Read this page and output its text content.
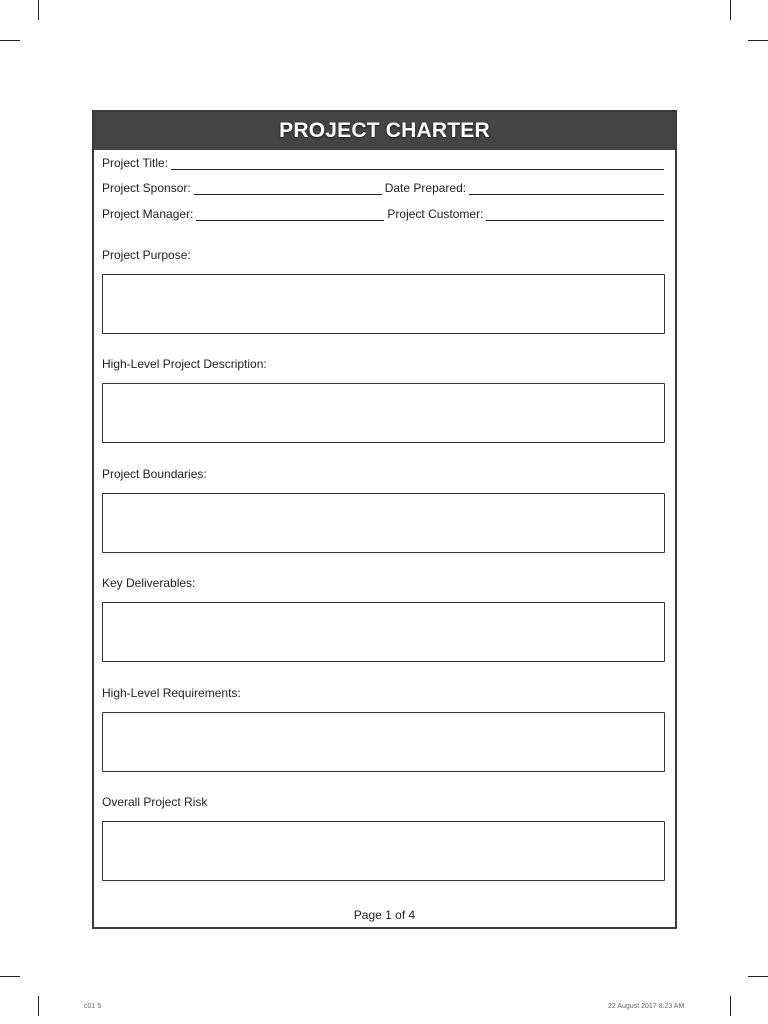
PROJECT CHARTER
Project Title:
Project Sponsor:	Date Prepared:
Project Manager:	Project Customer:
Project Purpose:
High-Level Project Description:
Project Boundaries:
Key Deliverables:
High-Level Requirements:
Overall Project Risk
Page 1 of 4
c01 5	22 August 2017 8:23 AM
